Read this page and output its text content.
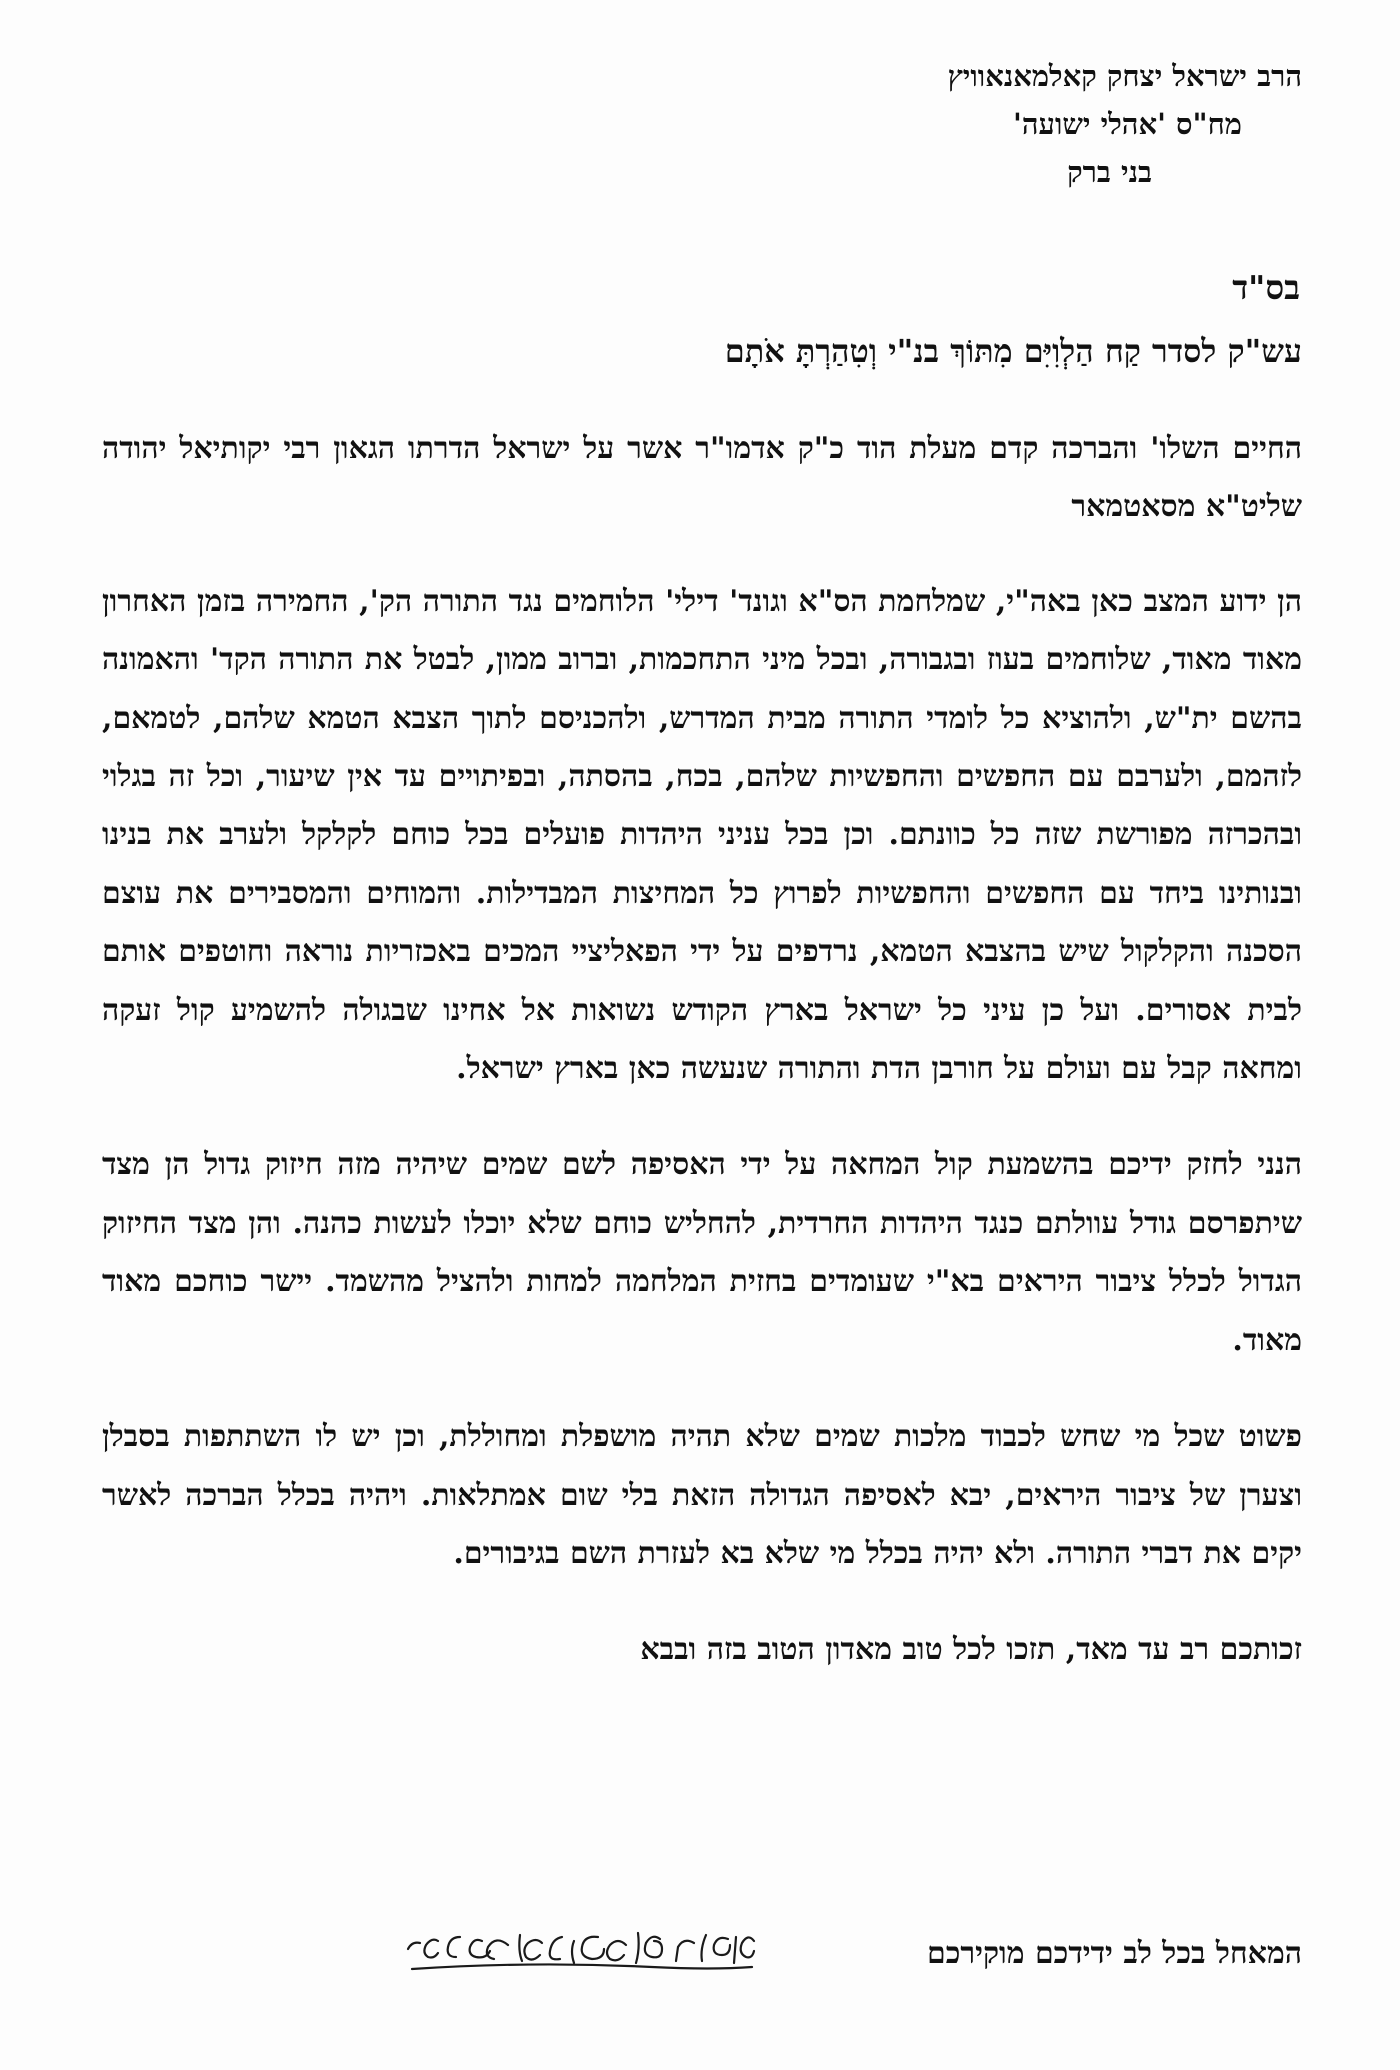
הרב ישראל יצחק קאלמאנאוויץ
מח"ס 'אהלי ישועה'
בני ברק
בס"ד
עש"ק לסדר קַח הַלְוִיִּם מִתּוֹךְ בנ"י וְטִהַרְתָּ אֹתָם

החיים השלו' והברכה קדם מעלת הוד כ"ק אדמו"ר אשר על ישראל הדרתו הגאון רבי יקותיאל יהודה שליט"א מסאטמאר

הן ידוע המצב כאן באה"י, שמלחמת הס"א וגונד' דילי' הלוחמים נגד התורה הק', החמירה בזמן האחרון מאוד מאוד, שלוחמים בעוז ובגבורה, ובכל מיני התחכמות, וברוב ממון, לבטל את התורה הקד' והאמונה בהשם ית"ש, ולהוציא כל לומדי התורה מבית המדרש, ולהכניסם לתוך הצבא הטמא שלהם, לטמאם, לזהמם, ולערבם עם החפשים והחפשיות שלהם, בכח, בהסתה, ובפיתויים עד אין שיעור, וכל זה בגלוי ובהכרזה מפורשת שזה כל כוונתם. וכן בכל עניני היהדות פועלים בכל כוחם לקלקל ולערב את בנינו ובנותינו ביחד עם החפשים והחפשיות לפרוץ כל המחיצות המבדילות. והמוחים והמסבירים את עוצם הסכנה והקלקול שיש בהצבא הטמא, נרדפים על ידי הפאליציי המכים באכזריות נוראה וחוטפים אותם לבית אסורים. ועל כן עיני כל ישראל בארץ הקודש נשואות אל אחינו שבגולה להשמיע קול זעקה ומחאה קבל עם ועולם על חורבן הדת והתורה שנעשה כאן בארץ ישראל.

הנני לחזק ידיכם בהשמעת קול המחאה על ידי האסיפה לשם שמים שיהיה מזה חיזוק גדול הן מצד שיתפרסם גודל עוולתם כנגד היהדות החרדית, להחליש כוחם שלא יוכלו לעשות כהנה. והן מצד החיזוק הגדול לכלל ציבור היראים בא"י שעומדים בחזית המלחמה למחות ולהציל מהשמד. יישר כוחכם מאוד מאוד.

פשוט שכל מי שחש לכבוד מלכות שמים שלא תהיה מושפלת ומחוללת, וכן יש לו השתתפות בסבלן וצערן של ציבור היראים, יבא לאסיפה הגדולה הזאת בלי שום אמתלאות. ויהיה בכלל הברכה לאשר יקים את דברי התורה. ולא יהיה בכלל מי שלא בא לעזרת השם בגיבורים.

זכותכם רב עד מאד, תזכו לכל טוב מאדון הטוב בזה ובבא

המאחל בכל לב ידידכם מוקירכם
